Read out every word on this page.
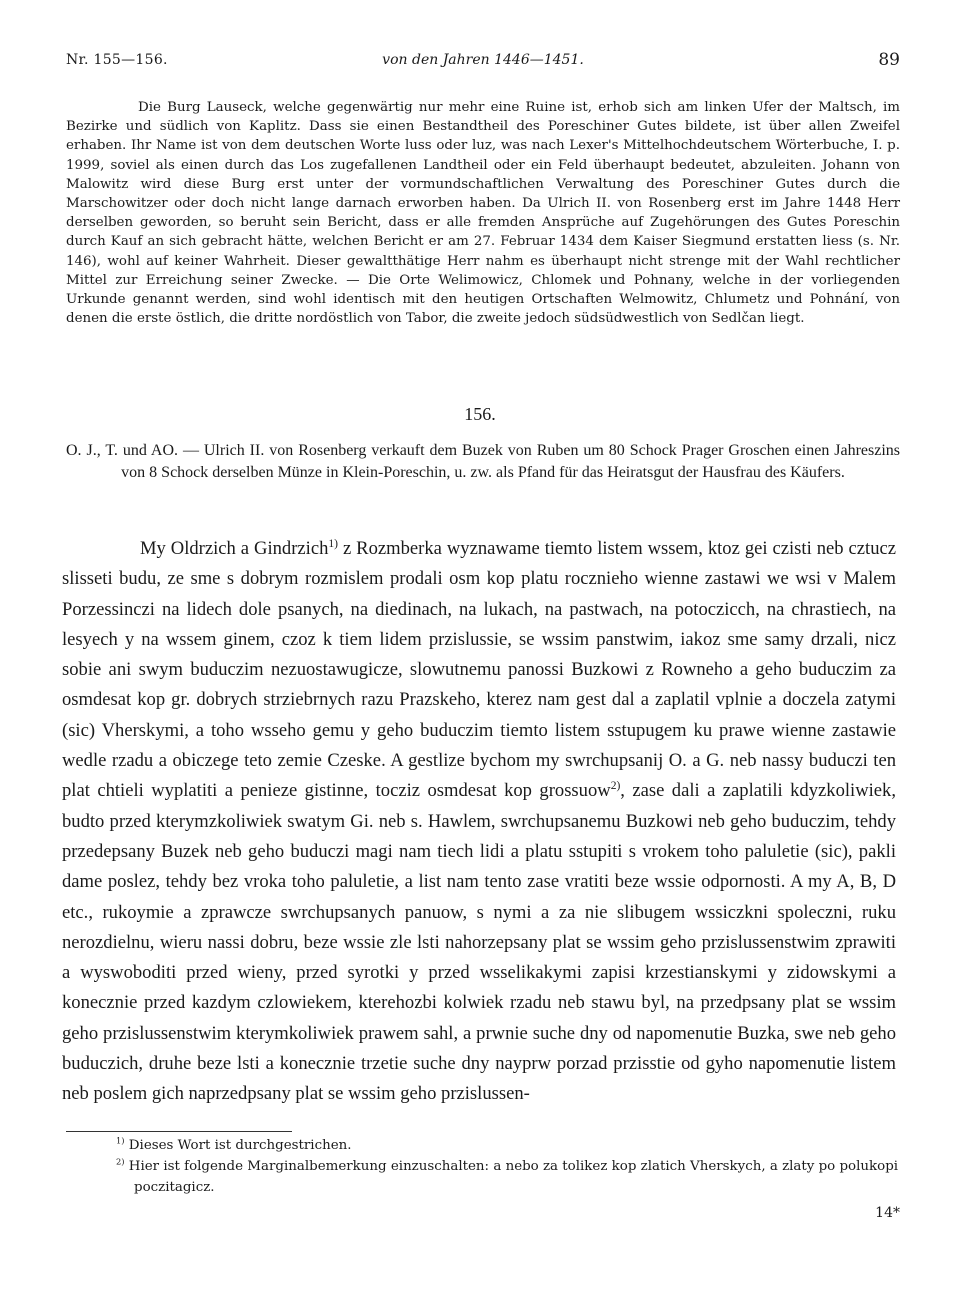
Nr. 155—156.	von den Jahren 1446—1451.	89

Die Burg Lauseck, welche gegenwärtig nur mehr eine Ruine ist, erhob sich am linken Ufer der Maltsch, im Bezirke und südlich von Kaplitz. Dass sie einen Bestandtheil des Poreschiner Gutes bildete, ist über allen Zweifel erhaben. Ihr Name ist von dem deutschen Worte luss oder luz, was nach Lexer's Mittelhochdeutschem Wörterbuche, I. p. 1999, soviel als einen durch das Los zugefallenen Landtheil oder ein Feld überhaupt bedeutet, abzuleiten. Johann von Malowitz wird diese Burg erst unter der vormundschaftlichen Verwaltung des Poreschiner Gutes durch die Marschowitzer oder doch nicht lange darnach erworben haben. Da Ulrich II. von Rosenberg erst im Jahre 1448 Herr derselben geworden, so beruht sein Bericht, dass er alle fremden Ansprüche auf Zugehörungen des Gutes Poreschin durch Kauf an sich gebracht hätte, welchen Bericht er am 27. Februar 1434 dem Kaiser Siegmund erstatten liess (s. Nr. 146), wohl auf keiner Wahrheit. Dieser gewaltthätige Herr nahm es überhaupt nicht strenge mit der Wahl rechtlicher Mittel zur Erreichung seiner Zwecke. — Die Orte Welimowicz, Chlomek und Pohnany, welche in der vorliegenden Urkunde genannt werden, sind wohl identisch mit den heutigen Ortschaften Welmowitz, Chlumetz und Pohnání, von denen die erste östlich, die dritte nordöstlich von Tabor, die zweite jedoch südsüdwestlich von Sedlčan liegt.

156.

O. J., T. und AO. — Ulrich II. von Rosenberg verkauft dem Buzek von Ruben um 80 Schock Prager Groschen einen Jahreszins von 8 Schock derselben Münze in Klein-Poreschin, u. zw. als Pfand für das Heiratsgut der Hausfrau des Käufers.

My Oldrzich a Gindrzich$^{1)}$ z Rozmberka wyznawame tiemto listem wssem, ktoz gei czisti neb cztucz slisseti budu, ze sme s dobrym rozmislem prodali osm kop platu rocznieho wienne zastawi we wsi v Malem Porzessinczi na lidech dole psanych, na diedinach, na lukach, na pastwach, na potoczicch, na chrastiech, na lesyech y na wssem ginem, czoz k tiem lidem przislussie, se wssim panstwim, iakoz sme samy drzali, nicz sobie ani swym buduczim nezuostawugicze, slowutnemu panossi Buzkowi z Rowneho a geho buduczim za osmdesat kop gr. dobrych strziebrnych razu Prazskeho, kterez nam gest dal a zaplatil vplnie a doczela zatymi (sic) Vherskymi, a toho wsseho gemu y geho buduczim tiemto listem sstupugem ku prawe wienne zastawie wedle rzadu a obiczege teto zemie Czeske. A gestlize bychom my swrchupsanij O. a G. neb nassy buduczi ten plat chtieli wyplatiti a penieze gistinne, tocziz osmdesat kop grossuow$^{2)}$, zase dali a zaplatili kdyzkoliwiek, budto przed kterymzkoliwiek swatym Gi. neb s. Hawlem, swrchupsanemu Buzkowi neb geho buduczim, tehdy przedepsany Buzek neb geho buduczi magi nam tiech lidi a platu sstupiti s vrokem toho paluletie (sic), pakli dame poslez, tehdy bez vroka toho paluletie, a list nam tento zase vratiti beze wssie odpornosti. A my A, B, D etc., rukoymie a zprawcze swrchupsanych panuow, s nymi a za nie slibugem wssiczkni spoleczni, ruku nerozdielnu, wieru nassi dobru, beze wssie zle lsti nahorzepsany plat se wssim geho przislussenstwim zprawiti a wyswoboditi przed wieny, przed syrotki y przed wsselikakymi zapisi krzestianskymi y zidowskymi a konecznie przed kazdym czlowiekem, kterehozbi kolwiek rzadu neb stawu byl, na przedpsany plat se wssim geho przislussenstwim kterymkoliwiek prawem sahl, a prwnie suche dny od napomenutie Buzka, swe neb geho buduczich, druhe beze lsti a konecznie trzetie suche dny nayprw porzad przisstie od gyho napomenutie listem neb poslem gich naprzedpsany plat se wssim geho przislussen-

$^{1)}$ Dieses Wort ist durchgestrichen.

$^{2)}$ Hier ist folgende Marginalbemerkung einzuschalten: a nebo za tolikez kop zlatich Vherskych, a zlaty po polukopi poczitagicz.

14*
